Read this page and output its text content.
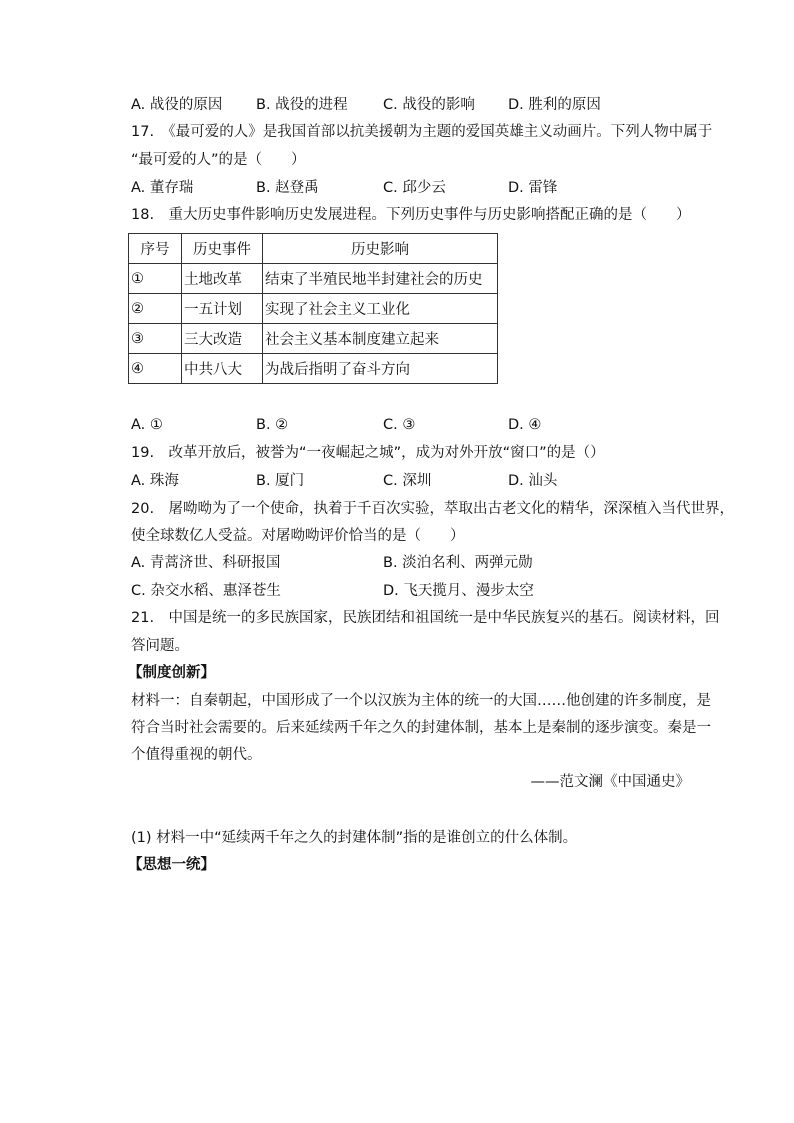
A. 战役的原因 B. 战役的进程 C. 战役的影响 D. 胜利的原因
17.　《最可爱的人》是我国首部以抗美援朝为主题的爱国英雄主义动画片。下列人物中属于
“最可爱的人”的是（　　）
A. 董存瑞	B. 赵登禹	C. 邱少云	D. 雷锋
18.　重大历史事件影响历史发展进程。下列历史事件与历史影响搭配正确的是（　　）
序号	历史事件	历史影响
①	土地改革	结束了半殖民地半封建社会的历史
②	一五计划	实现了社会主义工业化
③	三大改造	社会主义基本制度建立起来
④	中共八大	为战后指明了奋斗方向
A. ①	B. ②	C. ③	D. ④
19.　改革开放后，被誉为“一夜崛起之城”，成为对外开放“窗口”的是（）
A. 珠海	B. 厦门	C. 深圳	D. 汕头
20.　屠呦呦为了一个使命，执着于千百次实验，萃取出古老文化的精华，深深植入当代世界，
使全球数亿人受益。对屠呦呦评价恰当的是（　　）
A. 青蒿济世、科研报国	B. 淡泊名利、两弹元勋
C. 杂交水稻、惠泽苍生	D. 飞天揽月、漫步太空
21.　中国是统一的多民族国家，民族团结和祖国统一是中华民族复兴的基石。阅读材料，回
答问题。
【制度创新】
材料一：自秦朝起，中国形成了一个以汉族为主体的统一的大国……他创建的许多制度，是
符合当时社会需要的。后来延续两千年之久的封建体制，基本上是秦制的逐步演变。秦是一
个值得重视的朝代。
——范文澜《中国通史》
(1) 材料一中“延续两千年之久的封建体制”指的是谁创立的什么体制。
【思想一统】
